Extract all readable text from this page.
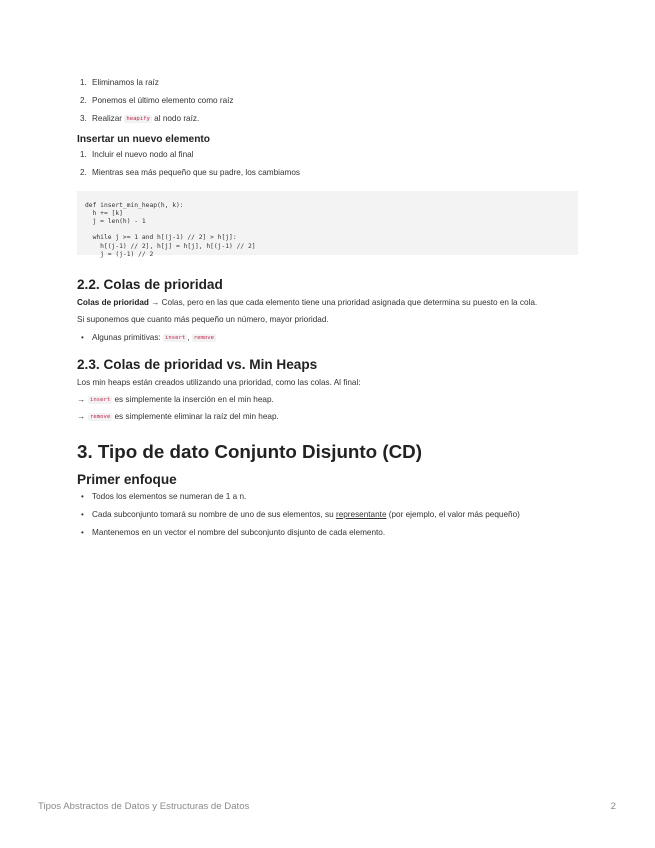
1. Eliminamos la raíz
2. Ponemos el último elemento como raíz
3. Realizar heapify al nodo raíz.
Insertar un nuevo elemento
1. Incluir el nuevo nodo al final
2. Mientras sea más pequeño que su padre, los cambiamos
def insert_min_heap(h, k):
h += [k]
j = len(h) - 1

while j >= 1 and h[(j-1) // 2] > h[j]:
h[(j-1) // 2], h[j] = h[j], h[(j-1) // 2]
j = (j-1) // 2
2.2. Colas de prioridad

Colas de prioridad → Colas, pero en las que cada elemento tiene una prioridad asignada que determina su puesto en la cola.

Si suponemos que cuanto más pequeño un número, mayor prioridad.

• Algunas primitivas: insert , remove
2.3. Colas de prioridad vs. Min Heaps

Los min heaps están creados utilizando una prioridad, como las colas. Al final:

→ insert es simplemente la inserción en el min heap.
→ remove es simplemente eliminar la raíz del min heap.
3. Tipo de dato Conjunto Disjunto (CD)
Primer enfoque
• Todos los elementos se numeran de 1 a n.
• Cada subconjunto tomará su nombre de uno de sus elementos, su representante (por ejemplo, el valor más pequeño)
• Mantenemos en un vector el nombre del subconjunto disjunto de cada elemento.
Tipos Abstractos de Datos y Estructuras de Datos	2
